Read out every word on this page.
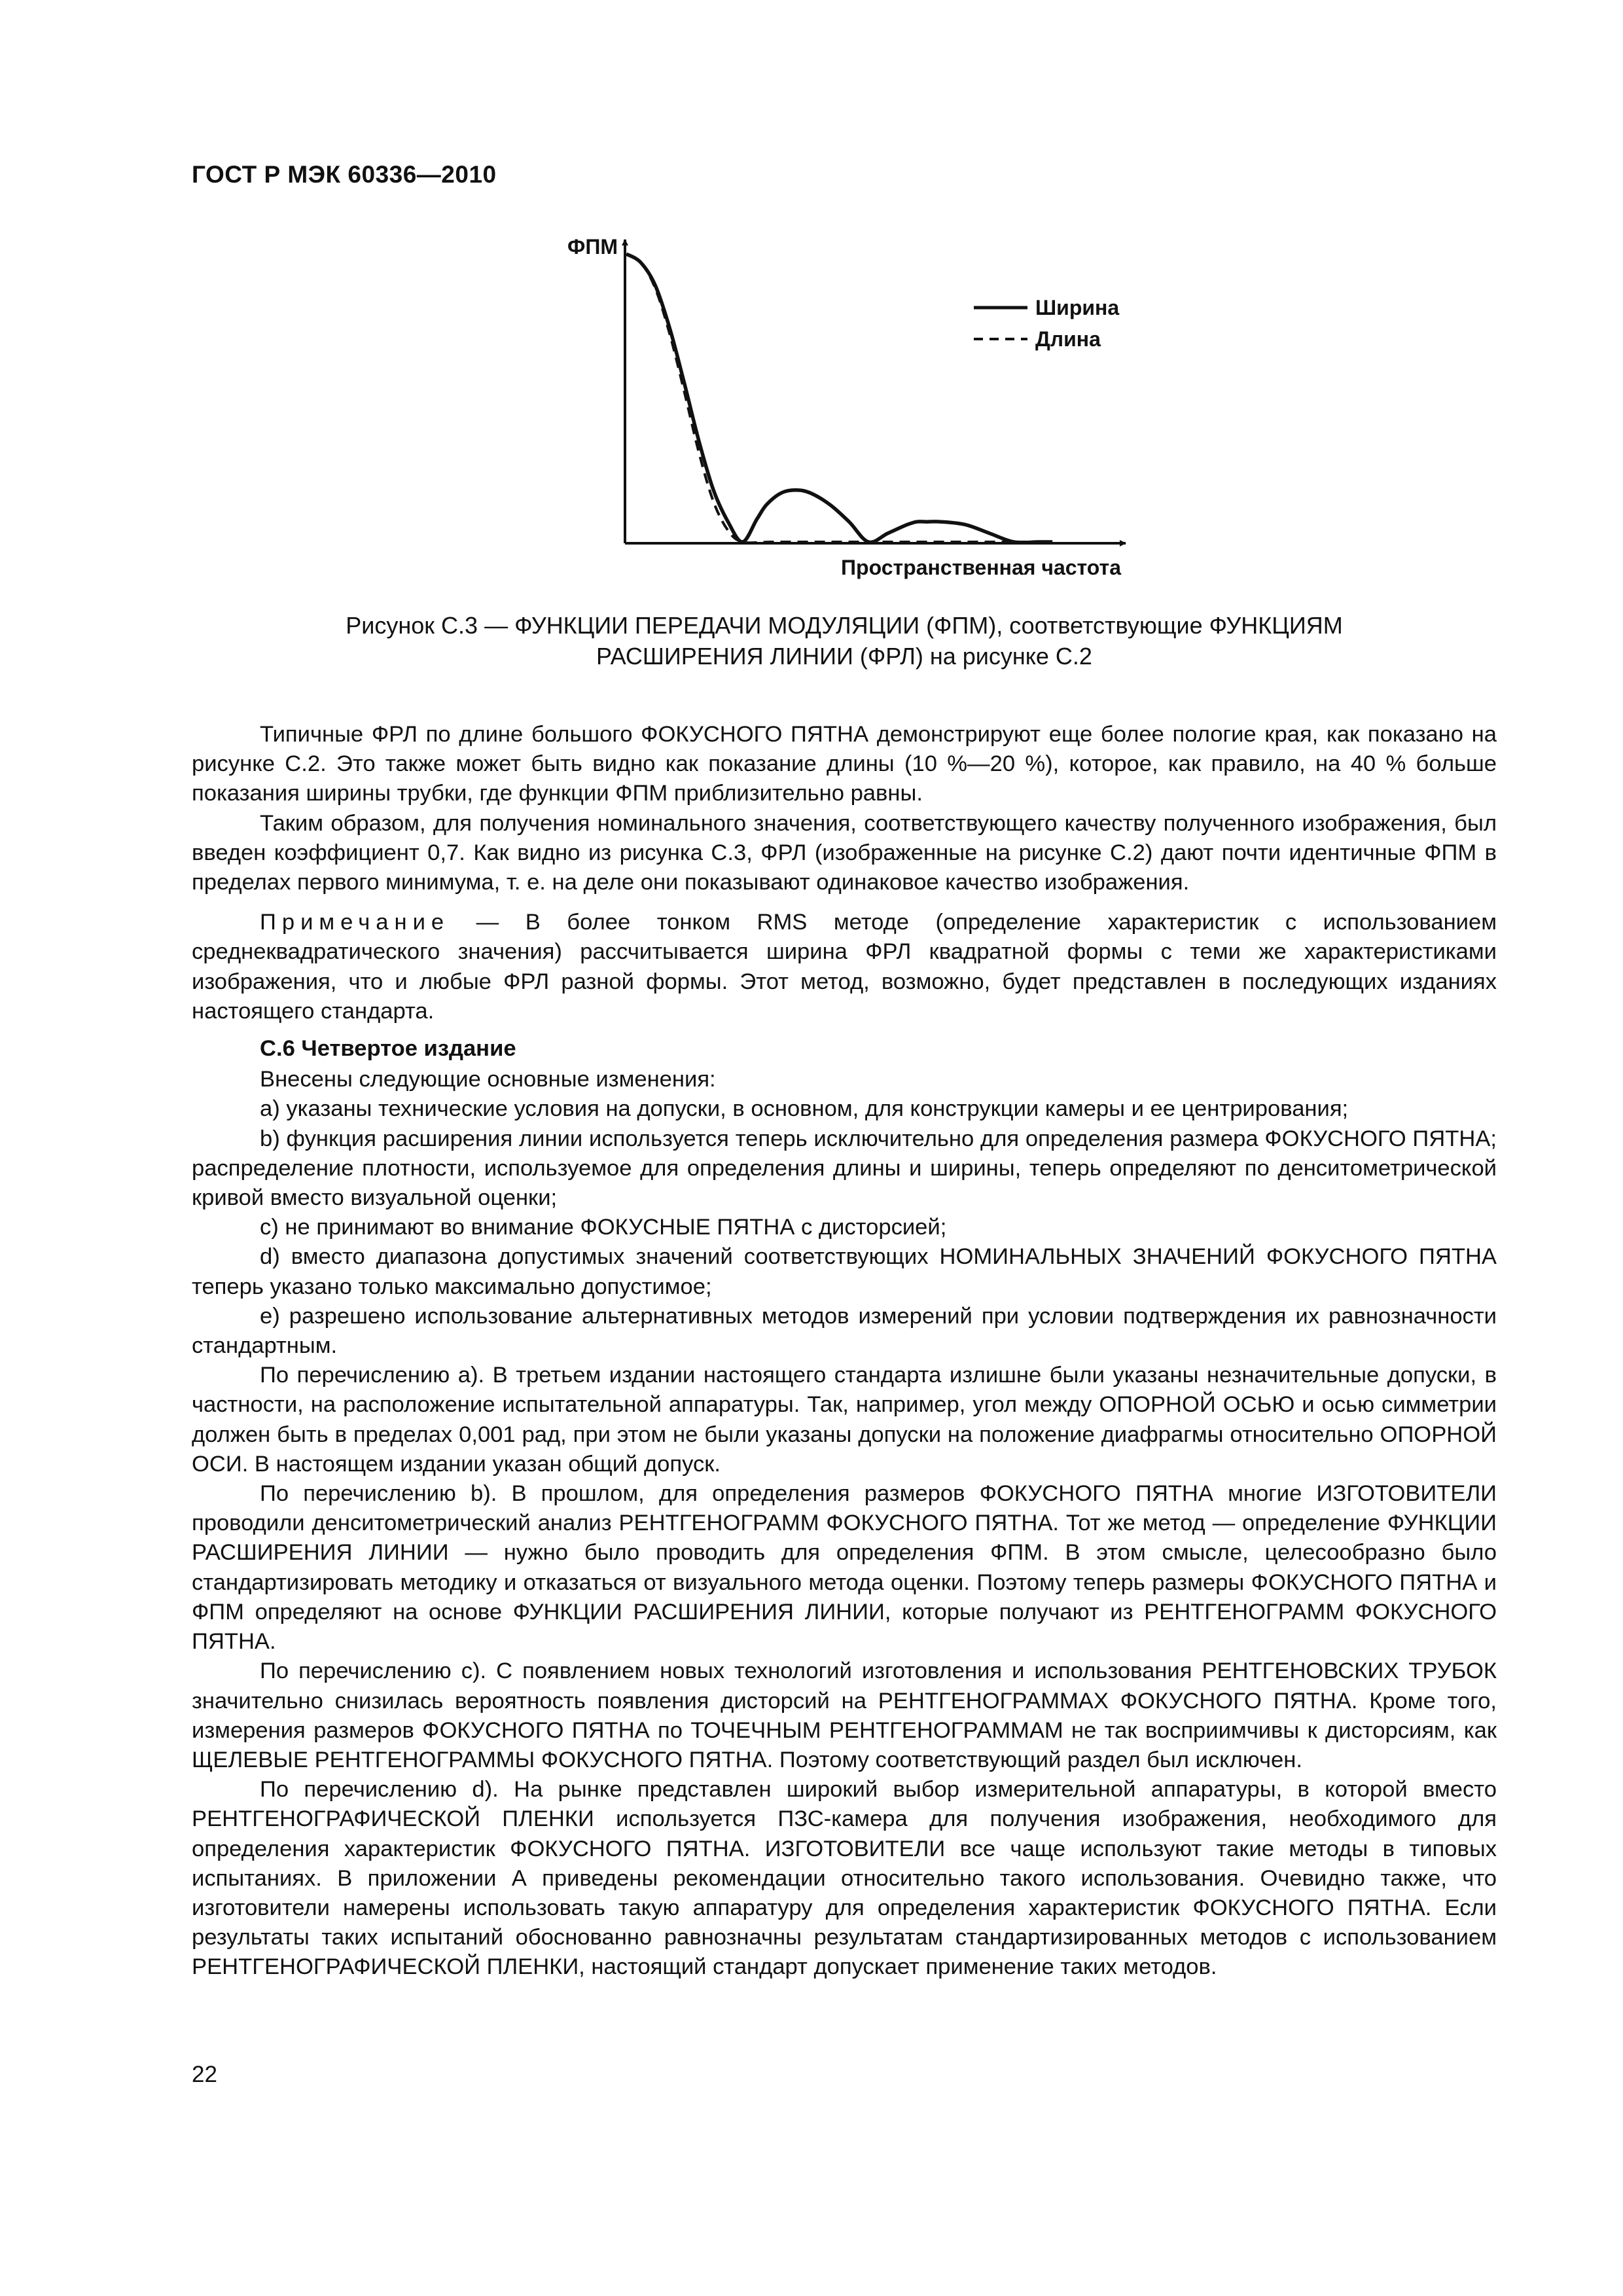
ГОСТ Р МЭК 60336—2010
ФПМ
Пространственная частота
Ширина
Длина
Рисунок С.3 — ФУНКЦИИ ПЕРЕДАЧИ МОДУЛЯЦИИ (ФПМ), соответствующие ФУНКЦИЯМ
РАСШИРЕНИЯ ЛИНИИ (ФРЛ) на рисунке С.2

Типичные ФРЛ по длине большого ФОКУСНОГО ПЯТНА демонстрируют еще более пологие края, как показано на рисунке С.2. Это также может быть видно как показание длины (10 %—20 %), которое, как правило, на 40 % больше показания ширины трубки, где функции ФПМ приблизительно равны.

Таким образом, для получения номинального значения, соответствующего качеству полученного изображения, был введен коэффициент 0,7. Как видно из рисунка С.3, ФРЛ (изображенные на рисунке С.2) дают почти идентичные ФПМ в пределах первого минимума, т. е. на деле они показывают одинаковое качество изображения.

Примечание — В более тонком RMS методе (определение характеристик с использованием среднеквадратического значения) рассчитывается ширина ФРЛ квадратной формы с теми же характеристиками изображения, что и любые ФРЛ разной формы. Этот метод, возможно, будет представлен в последующих изданиях настоящего стандарта.

С.6 Четвертое издание

Внесены следующие основные изменения:

a) указаны технические условия на допуски, в основном, для конструкции камеры и ее центрирования;

b) функция расширения линии используется теперь исключительно для определения размера ФОКУСНОГО ПЯТНА; распределение плотности, используемое для определения длины и ширины, теперь определяют по денситометрической кривой вместо визуальной оценки;

c) не принимают во внимание ФОКУСНЫЕ ПЯТНА с дисторсией;

d) вместо диапазона допустимых значений соответствующих НОМИНАЛЬНЫХ ЗНАЧЕНИЙ ФОКУСНОГО ПЯТНА теперь указано только максимально допустимое;

e) разрешено использование альтернативных методов измерений при условии подтверждения их равнозначности стандартным.

По перечислению а). В третьем издании настоящего стандарта излишне были указаны незначительные допуски, в частности, на расположение испытательной аппаратуры. Так, например, угол между ОПОРНОЙ ОСЬЮ и осью симметрии должен быть в пределах 0,001 рад, при этом не были указаны допуски на положение диафрагмы относительно ОПОРНОЙ ОСИ. В настоящем издании указан общий допуск.

По перечислению b). В прошлом, для определения размеров ФОКУСНОГО ПЯТНА многие ИЗГОТОВИТЕЛИ проводили денситометрический анализ РЕНТГЕНОГРАММ ФОКУСНОГО ПЯТНА. Тот же метод — определение ФУНКЦИИ РАСШИРЕНИЯ ЛИНИИ — нужно было проводить для определения ФПМ. В этом смысле, целесообразно было стандартизировать методику и отказаться от визуального метода оценки. Поэтому теперь размеры ФОКУСНОГО ПЯТНА и ФПМ определяют на основе ФУНКЦИИ РАСШИРЕНИЯ ЛИНИИ, которые получают из РЕНТГЕНОГРАММ ФОКУСНОГО ПЯТНА.

По перечислению с). С появлением новых технологий изготовления и использования РЕНТГЕНОВСКИХ ТРУБОК значительно снизилась вероятность появления дисторсий на РЕНТГЕНОГРАММАХ ФОКУСНОГО ПЯТНА. Кроме того, измерения размеров ФОКУСНОГО ПЯТНА по ТОЧЕЧНЫМ РЕНТГЕНОГРАММАМ не так восприимчивы к дисторсиям, как ЩЕЛЕВЫЕ РЕНТГЕНОГРАММЫ ФОКУСНОГО ПЯТНА. Поэтому соответствующий раздел был исключен.

По перечислению d). На рынке представлен широкий выбор измерительной аппаратуры, в которой вместо РЕНТГЕНОГРАФИЧЕСКОЙ ПЛЕНКИ используется ПЗС-камера для получения изображения, необходимого для определения характеристик ФОКУСНОГО ПЯТНА. ИЗГОТОВИТЕЛИ все чаще используют такие методы в типовых испытаниях. В приложении А приведены рекомендации относительно такого использования. Очевидно также, что изготовители намерены использовать такую аппаратуру для определения характеристик ФОКУСНОГО ПЯТНА. Если результаты таких испытаний обоснованно равнозначны результатам стандартизированных методов с использованием РЕНТГЕНОГРАФИЧЕСКОЙ ПЛЕНКИ, настоящий стандарт допускает применение таких методов.

22
